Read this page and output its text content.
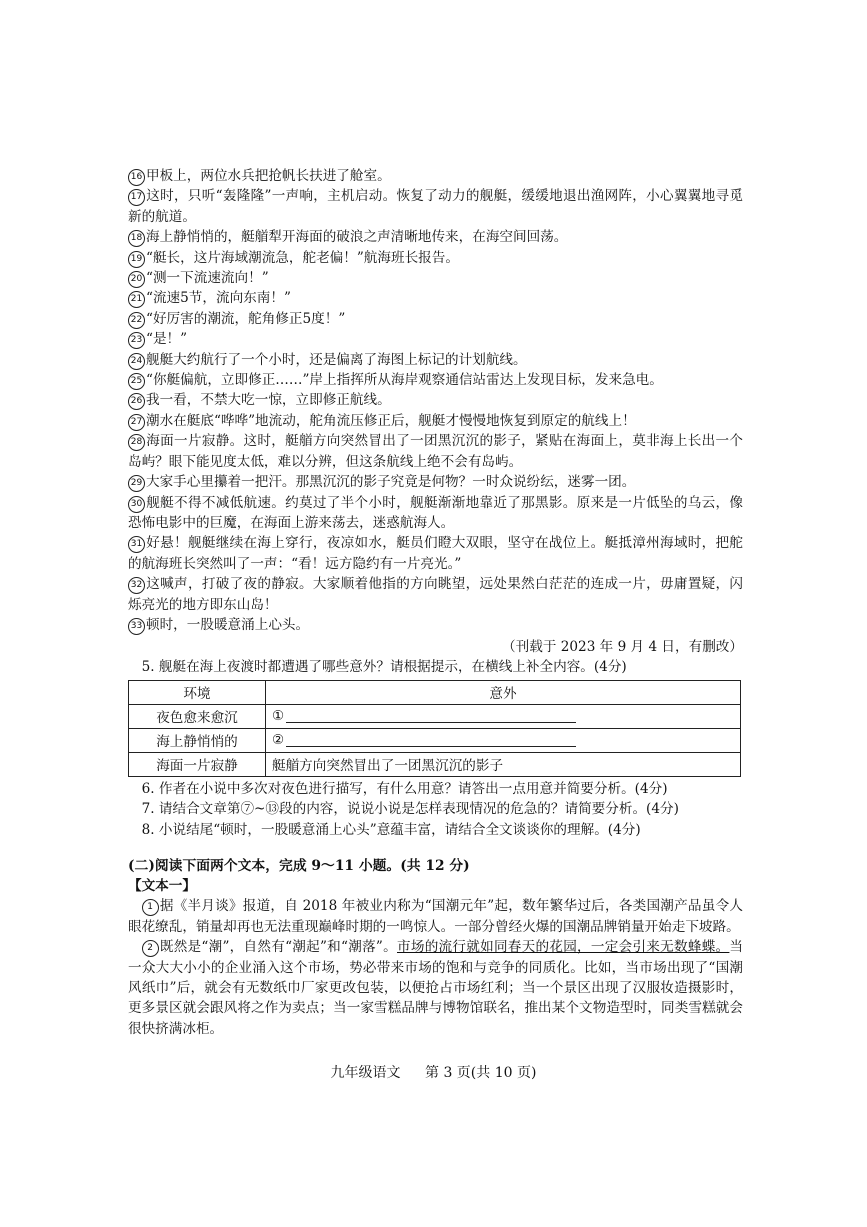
16 甲板上，两位水兵把抢帆长扶进了舱室。

17 这时，只听“轰隆隆”一声响，主机启动。恢复了动力的舰艇，缓缓地退出渔网阵，小心翼翼地寻觅新的航道。

18 海上静悄悄的，艇艏犁开海面的破浪之声清晰地传来，在海空间回荡。

19 “艇长，这片海域潮流急，舵老偏！”航海班长报告。

20 “测一下流速流向！”

21 “流速5节，流向东南！”

22 “好厉害的潮流，舵角修正5度！”

23 “是！”

24 舰艇大约航行了一个小时，还是偏离了海图上标记的计划航线。

25 “你艇偏航，立即修正……”岸上指挥所从海岸观察通信站雷达上发现目标，发来急电。

26 我一看，不禁大吃一惊，立即修正航线。

27 潮水在艇底“哗哗”地流动，舵角流压修正后，舰艇才慢慢地恢复到原定的航线上！

28 海面一片寂静。这时，艇艏方向突然冒出了一团黑沉沉的影子，紧贴在海面上，莫非海上长出一个岛屿？眼下能见度太低，难以分辨，但这条航线上绝不会有岛屿。

29 大家手心里攥着一把汗。那黑沉沉的影子究竟是何物？一时众说纷纭，迷雾一团。

30 舰艇不得不减低航速。约莫过了半个小时，舰艇渐渐地靠近了那黑影。原来是一片低坠的乌云，像恐怖电影中的巨魔，在海面上游来荡去，迷惑航海人。

31 好悬！舰艇继续在海上穿行，夜凉如水，艇员们瞪大双眼，坚守在战位上。艇抵漳州海域时，把舵的航海班长突然叫了一声：“看！远方隐约有一片亮光。”

32 这喊声，打破了夜的静寂。大家顺着他指的方向眺望，远处果然白茫茫的连成一片，毋庸置疑，闪烁亮光的地方即东山岛！

33 顿时，一股暖意涌上心头。

（刊载于 2023 年 9 月 4 日，有删改）

5. 舰艇在海上夜渡时都遭遇了哪些意外？请根据提示，在横线上补全内容。(4分)

环境	意外
夜色愈来愈沉	①
海上静悄悄的	②
海面一片寂静	艇艏方向突然冒出了一团黑沉沉的影子

6. 作者在小说中多次对夜色进行描写，有什么用意？请答出一点用意并简要分析。(4分)

7. 请结合文章第⑦~⑬段的内容，说说小说是怎样表现情况的危急的？请简要分析。(4分)

8. 小说结尾“顿时，一股暖意涌上心头”意蕴丰富，请结合全文谈谈你的理解。(4分)

(二)阅读下面两个文本，完成 9～11 小题。(共 12 分)

【文本一】

1 据《半月谈》报道，自 2018 年被业内称为“国潮元年”起，数年繁华过后，各类国潮产品虽令人眼花缭乱，销量却再也无法重现巅峰时期的一鸣惊人。一部分曾经火爆的国潮品牌销量开始走下坡路。

2 既然是“潮”，自然有“潮起”和“潮落”。市场的流行就如同春天的花园，一定会引来无数蜂蝶。当一众大大小小的企业涌入这个市场，势必带来市场的饱和与竞争的同质化。比如，当市场出现了“国潮风纸巾”后，就会有无数纸巾厂家更改包装，以便抢占市场红利；当一个景区出现了汉服妆造摄影时，更多景区就会跟风将之作为卖点；当一家雪糕品牌与博物馆联名，推出某个文物造型时，同类雪糕就会很快挤满冰柜。

九年级语文 第 3 页(共 10 页)
